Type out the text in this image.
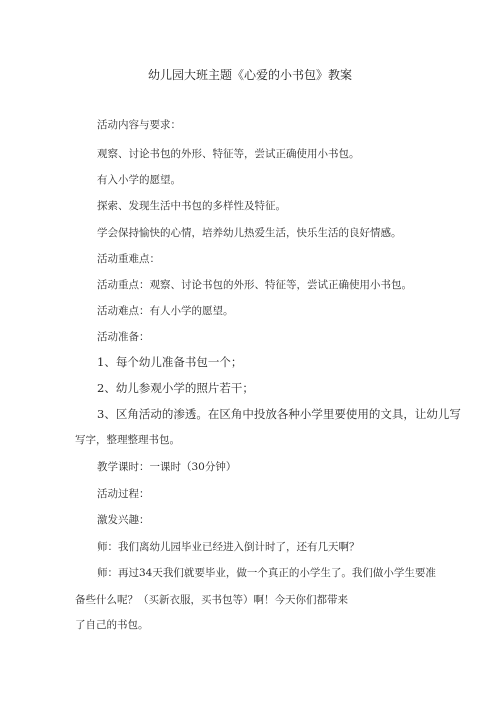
幼儿园大班主题《心爱的小书包》教案
活动内容与要求：
观察、讨论书包的外形、特征等，尝试正确使用小书包。
有入小学的愿望。
探索、发现生活中书包的多样性及特征。
学会保持愉快的心情，培养幼儿热爱生活，快乐生活的良好情感。
活动重难点：
活动重点：观察、讨论书包的外形、特征等，尝试正确使用小书包。
活动难点：有人小学的愿望。
活动准备：
1、每个幼儿准备书包一个；
2、幼儿参观小学的照片若干；
3、区角活动的渗透。在区角中投放各种小学里要使用的文具，让幼儿写
写字，整理整理书包。
教学课时：一课时（30分钟）
活动过程：
激发兴趣：
师：我们离幼儿园毕业已经进入倒计时了，还有几天啊？
师：再过34天我们就要毕业，做一个真正的小学生了。我们做小学生要准
备些什么呢？（买新衣服，买书包等）啊！今天你们都带来
了自己的书包。
